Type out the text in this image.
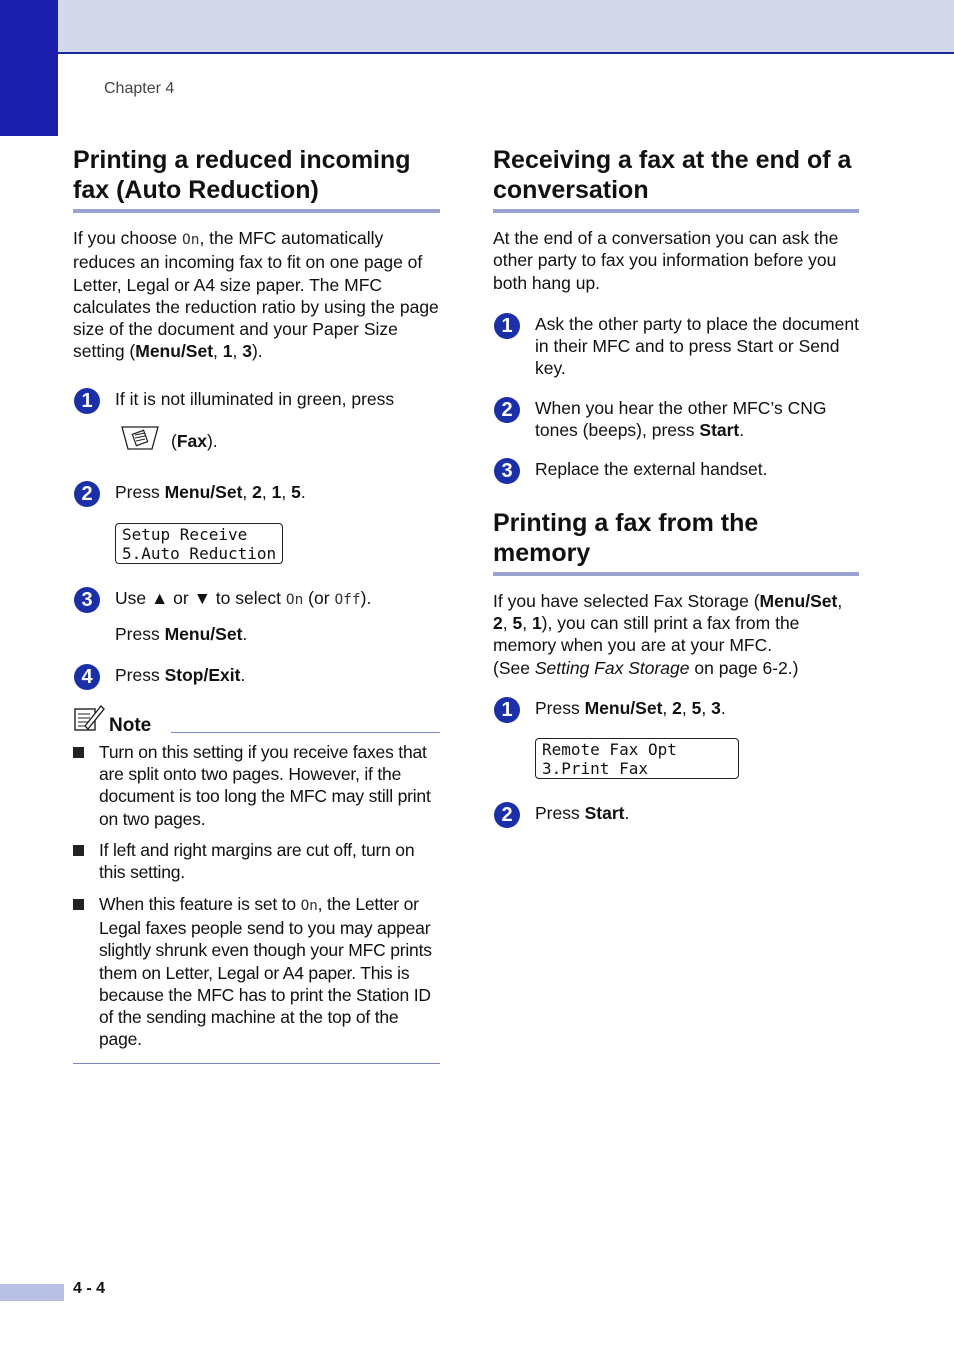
Chapter 4
Printing a reduced incoming
fax (Auto Reduction)

If you choose On, the MFC automatically reduces an incoming fax to fit on one page of Letter, Legal or A4 size paper. The MFC calculates the reduction ratio by using the page size of the document and your Paper Size setting (Menu/Set, 1, 3).

1	If it is not illuminated in green, press
( Fax ).
2	Press Menu/Set, 2, 1, 5.
Setup Receive
5.Auto Reduction
3	Use ▲ or ▼ to select On (or Off).
Press Menu/Set.
4	Press Stop/Exit.
Note
Turn on this setting if you receive faxes that are split onto two pages. However, if the document is too long the MFC may still print on two pages.
If left and right margins are cut off, turn on this setting.
When this feature is set to On, the Letter or Legal faxes people send to you may appear slightly shrunk even though your MFC prints them on Letter, Legal or A4 paper. This is because the MFC has to print the Station ID of the sending machine at the top of the page.
Receiving a fax at the end of a
conversation

At the end of a conversation you can ask the other party to fax you information before you both hang up.

1	Ask the other party to place the document in their MFC and to press Start or Send key.
2	When you hear the other MFC’s CNG tones (beeps), press Start.
3	Replace the external handset.
Printing a fax from the
memory

If you have selected Fax Storage (Menu/Set, 2, 5, 1), you can still print a fax from the memory when you are at your MFC.
(See Setting Fax Storage on page 6-2.)

1	Press Menu/Set, 2, 5, 3.
Remote Fax Opt
3.Print Fax
2	Press Start.
4 - 4
